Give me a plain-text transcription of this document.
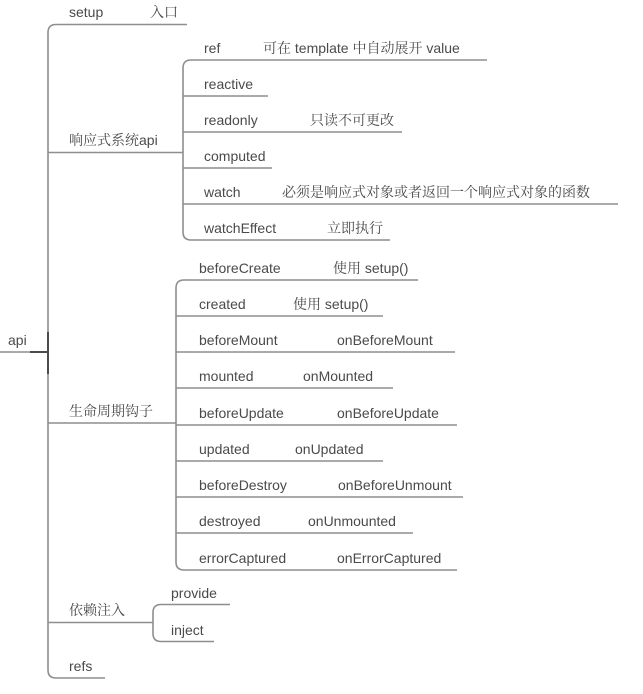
api
setup	入口
响应式系统api
生命周期钩子
依赖注入
refs
ref	可在 template 中自动展开 value
reactive
readonly	只读不可更改
computed
watch	必须是响应式对象或者返回一个响应式对象的函数
watchEffect	立即执行
beforeCreate	使用 setup()
created	使用 setup()
beforeMount	onBeforeMount
mounted	onMounted
beforeUpdate	onBeforeUpdate
updated	onUpdated
beforeDestroy	onBeforeUnmount
destroyed	onUnmounted
errorCaptured	onErrorCaptured
provide
inject
